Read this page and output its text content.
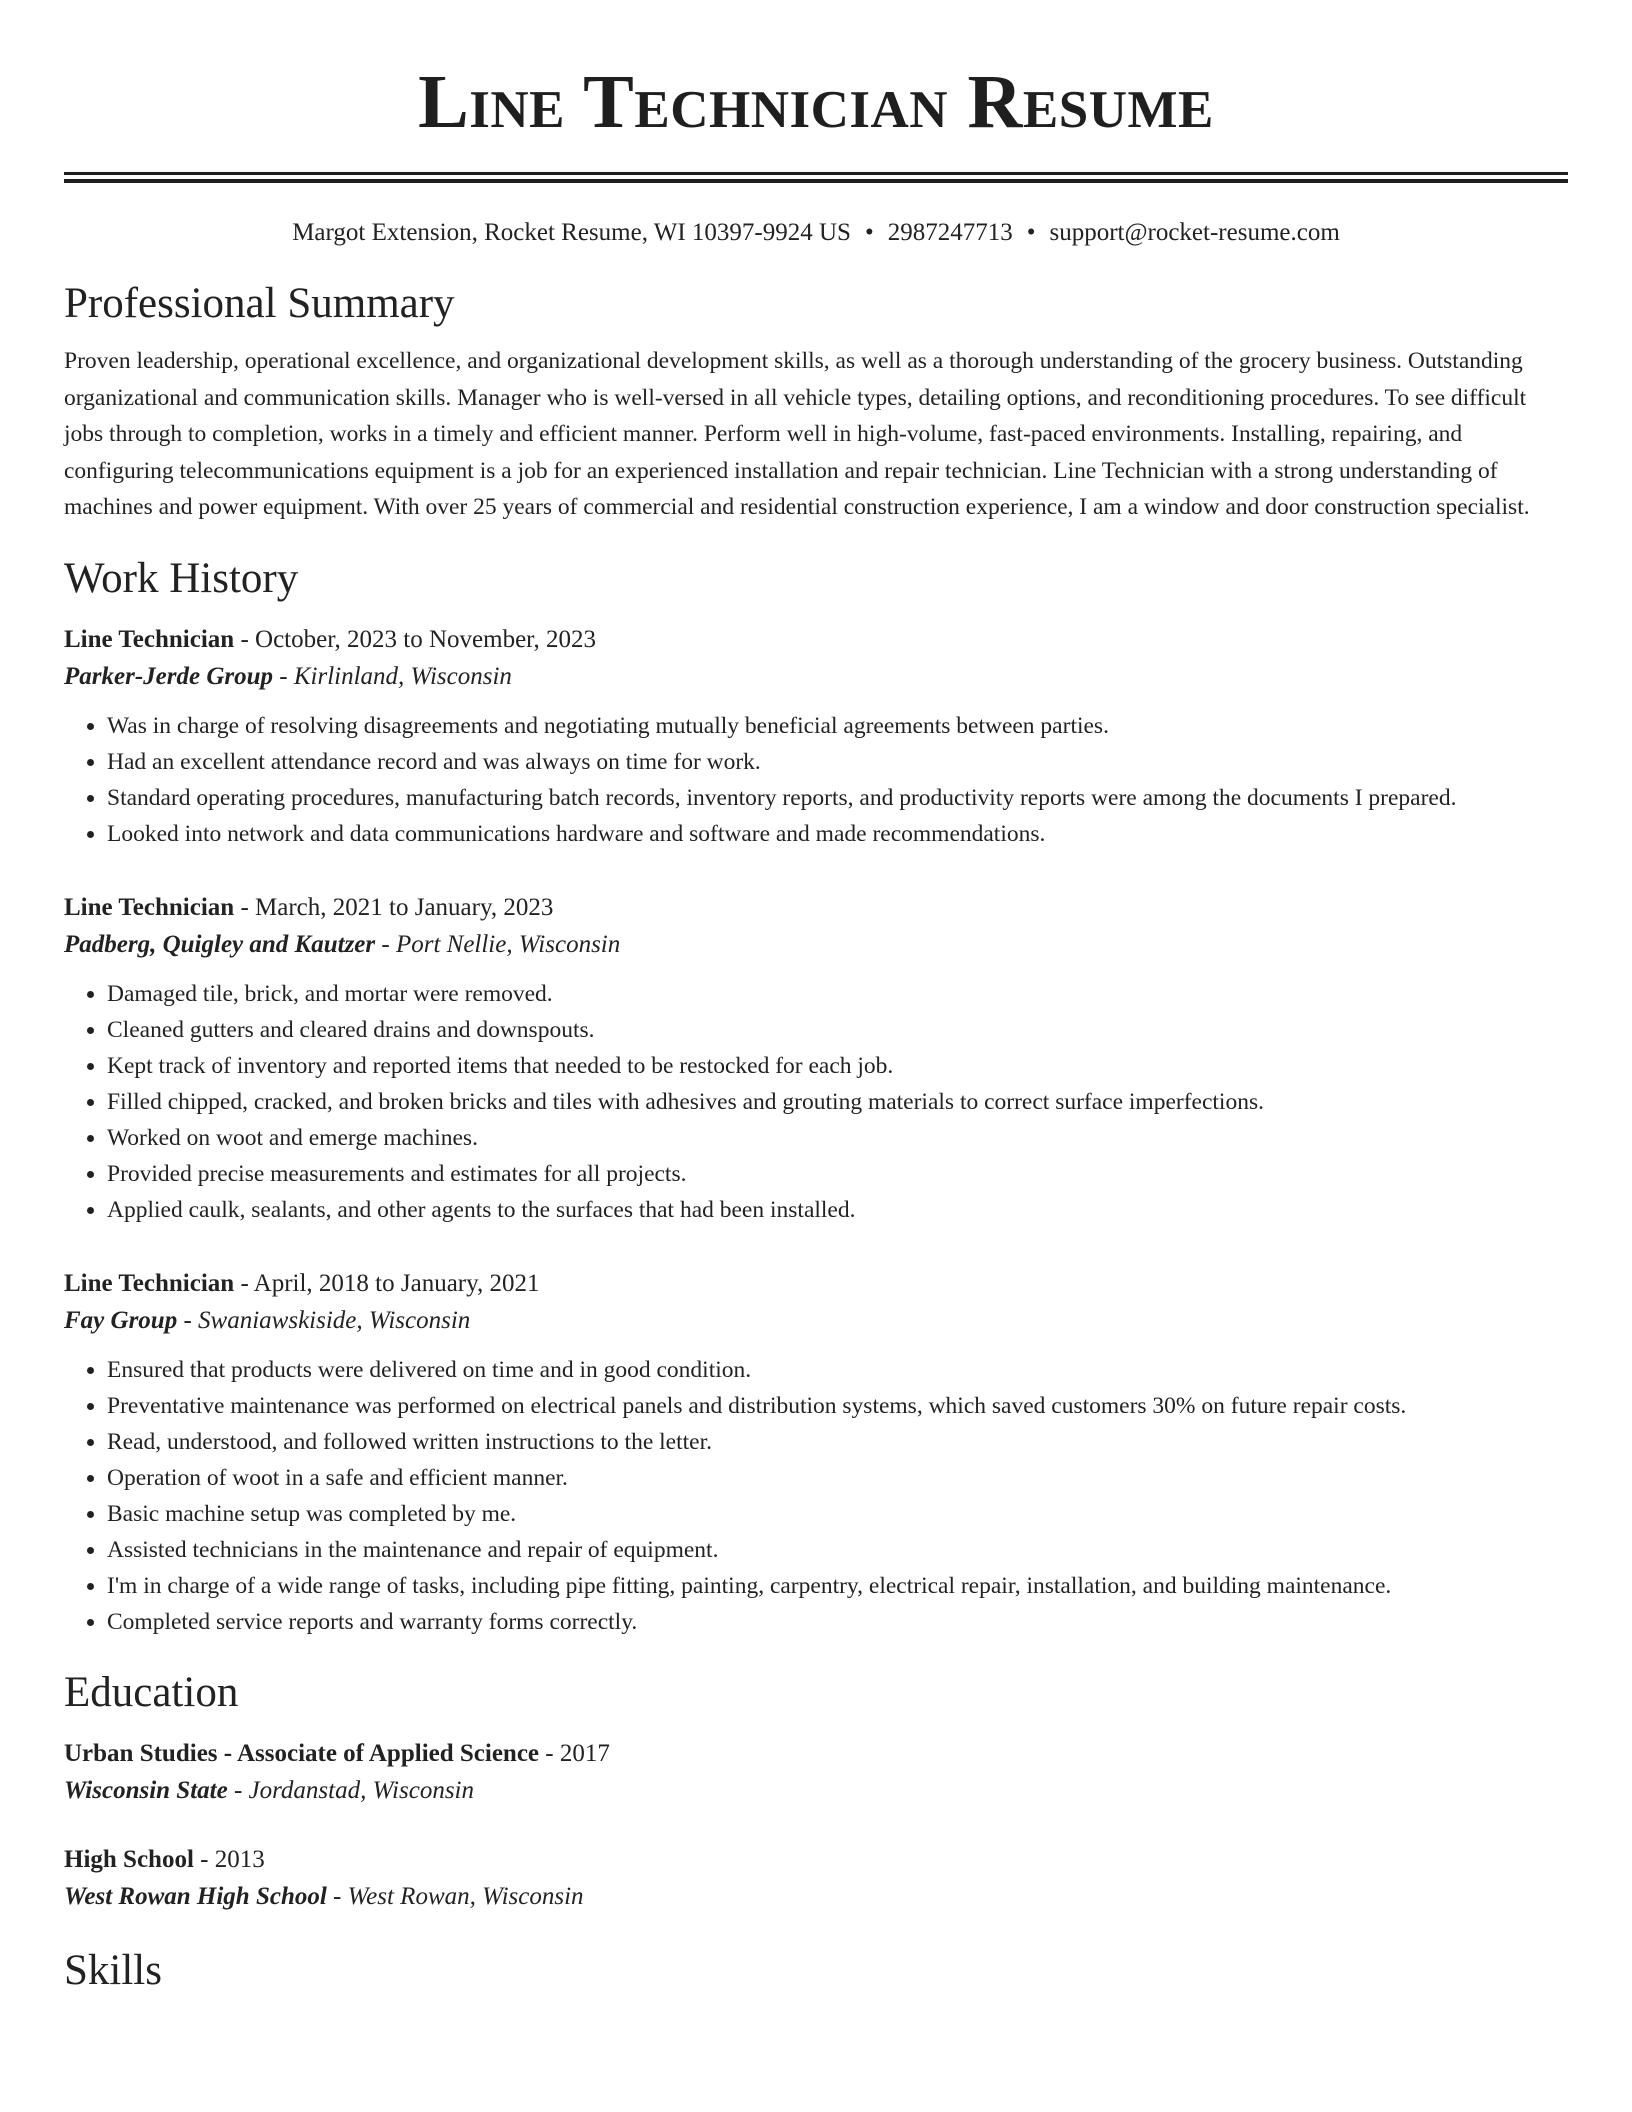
Line Technician Resume
Margot Extension, Rocket Resume, WI 10397-9924 US • 2987247713 • support@rocket-resume.com
Professional Summary
Proven leadership, operational excellence, and organizational development skills, as well as a thorough understanding of the grocery business. Outstanding organizational and communication skills. Manager who is well-versed in all vehicle types, detailing options, and reconditioning procedures. To see difficult jobs through to completion, works in a timely and efficient manner. Perform well in high-volume, fast-paced environments. Installing, repairing, and configuring telecommunications equipment is a job for an experienced installation and repair technician. Line Technician with a strong understanding of machines and power equipment. With over 25 years of commercial and residential construction experience, I am a window and door construction specialist.
Work History
Line Technician - October, 2023 to November, 2023
Parker-Jerde Group - Kirlinland, Wisconsin
• Was in charge of resolving disagreements and negotiating mutually beneficial agreements between parties.
• Had an excellent attendance record and was always on time for work.
• Standard operating procedures, manufacturing batch records, inventory reports, and productivity reports were among the documents I prepared.
• Looked into network and data communications hardware and software and made recommendations.
Line Technician - March, 2021 to January, 2023
Padberg, Quigley and Kautzer - Port Nellie, Wisconsin
• Damaged tile, brick, and mortar were removed.
• Cleaned gutters and cleared drains and downspouts.
• Kept track of inventory and reported items that needed to be restocked for each job.
• Filled chipped, cracked, and broken bricks and tiles with adhesives and grouting materials to correct surface imperfections.
• Worked on woot and emerge machines.
• Provided precise measurements and estimates for all projects.
• Applied caulk, sealants, and other agents to the surfaces that had been installed.
Line Technician - April, 2018 to January, 2021
Fay Group - Swaniawskiside, Wisconsin
• Ensured that products were delivered on time and in good condition.
• Preventative maintenance was performed on electrical panels and distribution systems, which saved customers 30% on future repair costs.
• Read, understood, and followed written instructions to the letter.
• Operation of woot in a safe and efficient manner.
• Basic machine setup was completed by me.
• Assisted technicians in the maintenance and repair of equipment.
• I'm in charge of a wide range of tasks, including pipe fitting, painting, carpentry, electrical repair, installation, and building maintenance.
• Completed service reports and warranty forms correctly.
Education
Urban Studies - Associate of Applied Science - 2017
Wisconsin State - Jordanstad, Wisconsin
High School - 2013
West Rowan High School - West Rowan, Wisconsin
Skills
